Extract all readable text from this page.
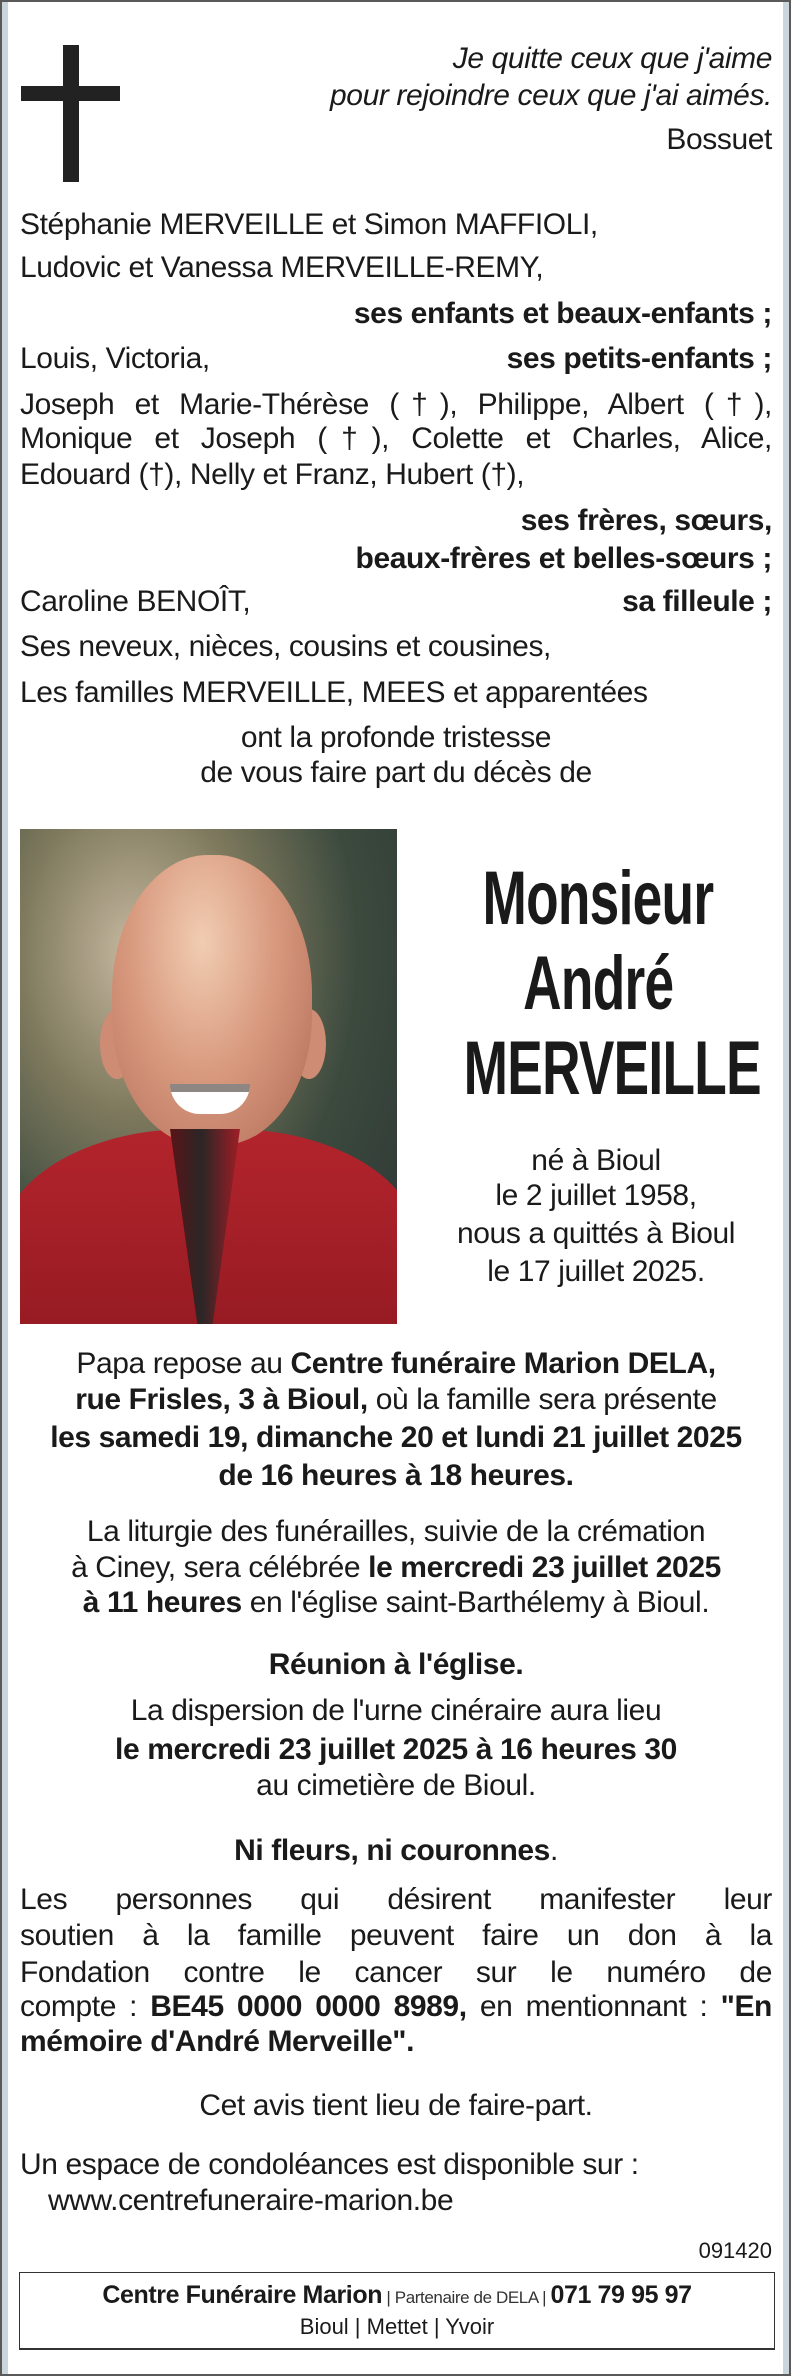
Je quitte ceux que j'aime
pour rejoindre ceux que j'ai aimés.
Bossuet
Stéphanie MERVEILLE et Simon MAFFIOLI,
Ludovic et Vanessa MERVEILLE-REMY,
ses enfants et beaux-enfants ;
Louis, Victoria,	ses petits-enfants ;
Joseph et Marie-Thérèse (†), Philippe, Albert (†),
Monique et Joseph (†), Colette et Charles, Alice,
Edouard (†), Nelly et Franz, Hubert (†),
ses frères, sœurs,
beaux-frères et belles-sœurs ;
Caroline BENOÎT,	sa filleule ;
Ses neveux, nièces, cousins et cousines,
Les familles MERVEILLE, MEES et apparentées
ont la profonde tristesse
de vous faire part du décès de
Monsieur
André
MERVEILLE
né à Bioul
le 2 juillet 1958,
nous a quittés à Bioul
le 17 juillet 2025.
Papa repose au Centre funéraire Marion DELA,
rue Frisles, 3 à Bioul, où la famille sera présente
les samedi 19, dimanche 20 et lundi 21 juillet 2025
de 16 heures à 18 heures.
La liturgie des funérailles, suivie de la crémation
à Ciney, sera célébrée le mercredi 23 juillet 2025
à 11 heures en l'église saint-Barthélemy à Bioul.
Réunion à l'église.
La dispersion de l'urne cinéraire aura lieu
le mercredi 23 juillet 2025 à 16 heures 30
au cimetière de Bioul.
Ni fleurs, ni couronnes.
Les personnes qui désirent manifester leur
soutien à la famille peuvent faire un don à la
Fondation contre le cancer sur le numéro de
compte : BE45 0000 0000 8989, en mentionnant : "En
mémoire d'André Merveille".
Cet avis tient lieu de faire-part.
Un espace de condoléances est disponible sur :
www.centrefuneraire-marion.be
091420
Centre Funéraire Marion | Partenaire de DELA | 071 79 95 97
Bioul | Mettet | Yvoir
